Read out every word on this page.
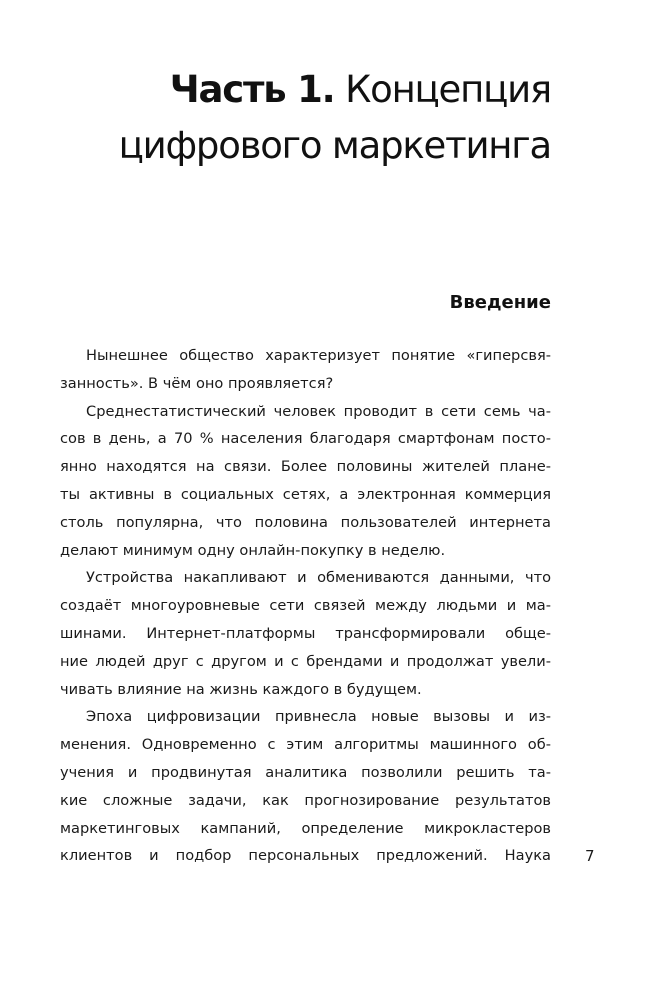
Часть 1. Концепция
цифрового маркетинга
Введение
Нынешнее общество характеризует понятие «гиперсвя-
занность». В чём оно проявляется?
Среднестатистический человек проводит в сети семь ча-
сов в день, а 70 % населения благодаря смартфонам посто-
янно находятся на связи. Более половины жителей плане-
ты активны в социальных сетях, а электронная коммерция
столь популярна, что половина пользователей интернета
делают минимум одну онлайн-покупку в неделю.
Устройства накапливают и обмениваются данными, что
создаёт многоуровневые сети связей между людьми и ма-
шинами. Интернет-платформы трансформировали обще-
ние людей друг с другом и с брендами и продолжат увели-
чивать влияние на жизнь каждого в будущем.
Эпоха цифровизации привнесла новые вызовы и из-
менения. Одновременно с этим алгоритмы машинного об-
учения и продвинутая аналитика позволили решить та-
кие сложные задачи, как прогнозирование результатов
маркетинговых кампаний, определение микрокластеров
клиентов и подбор персональных предложений. Наука 7
